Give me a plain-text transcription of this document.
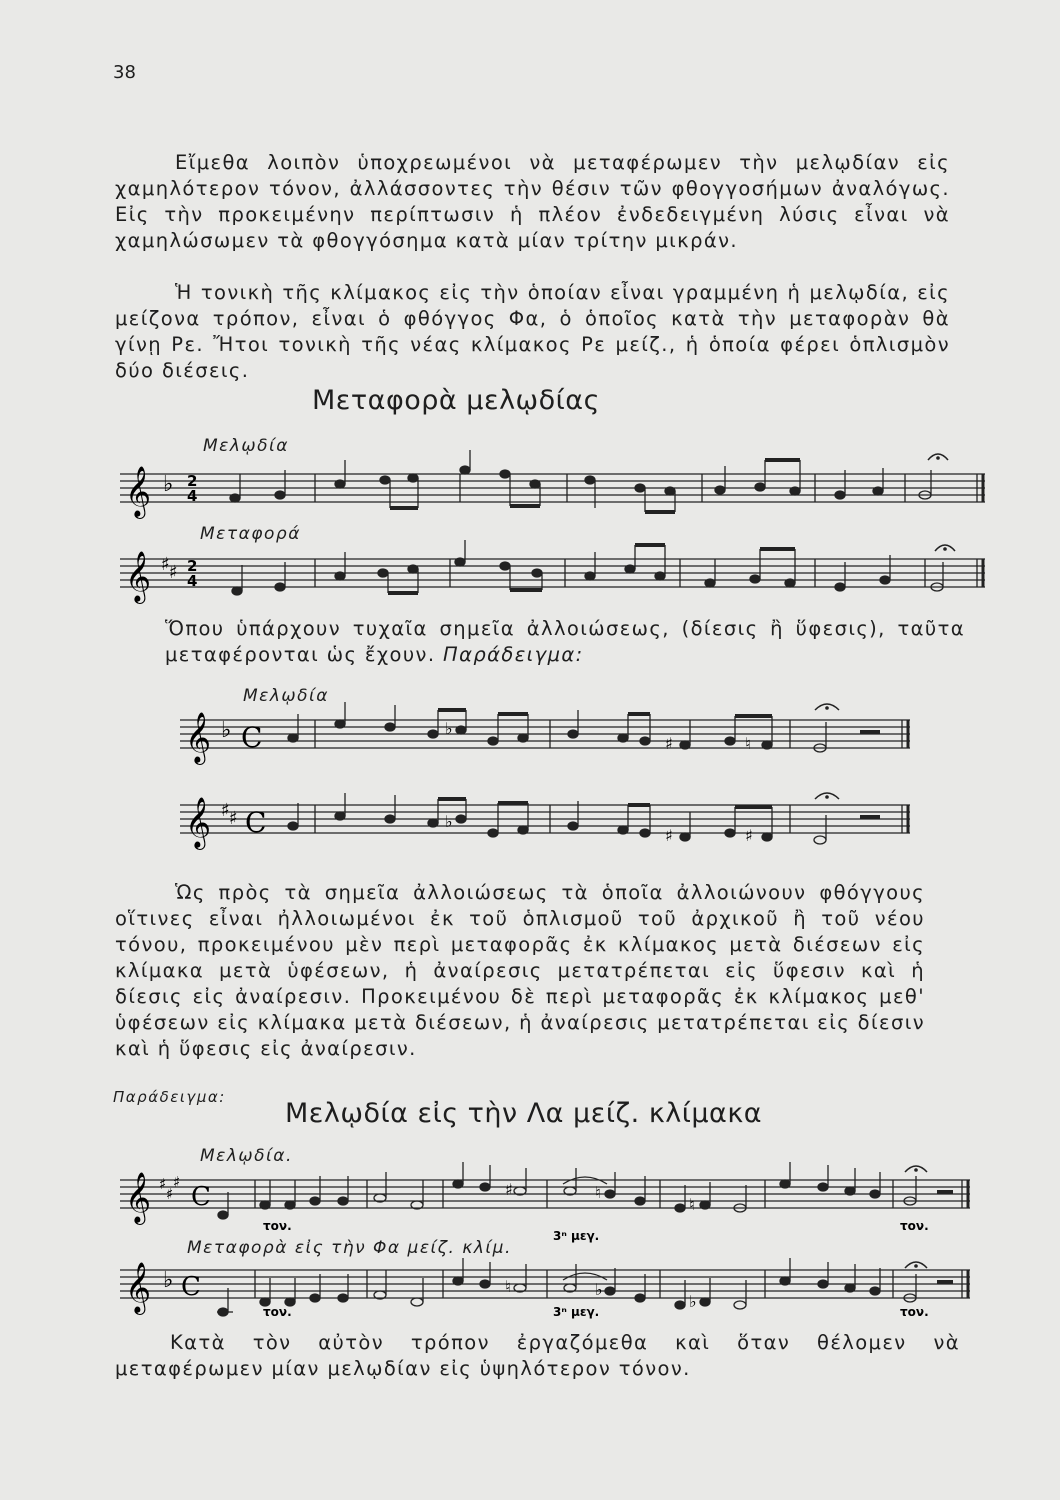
38

Εἴμεθα λοιπὸν ὑποχρεωμένοι νὰ μεταφέρωμεν τὴν μελῳδίαν εἰς χαμηλότερον τόνον, ἀλλάσσοντες τὴν θέσιν τῶν φθογγοσήμων ἀναλόγως. Εἰς τὴν προκειμένην περίπτωσιν ἡ πλέον ἐνδεδειγμένη λύσις εἶναι νὰ χαμηλώσωμεν τὰ φθογγόσημα κατὰ μίαν τρίτην μικράν.

Ἡ τονικὴ τῆς κλίμακος εἰς τὴν ὁποίαν εἶναι γραμμένη ἡ μελῳδία, εἰς μείζονα τρόπον, εἶναι ὁ φθόγγος Φα, ὁ ὁποῖος κατὰ τὴν μεταφορὰν θὰ γίνῃ Ρε. Ἤτοι τονικὴ τῆς νέας κλίμακος Ρε μείζ., ἡ ὁποία φέρει ὁπλισμὸν δύο διέσεις.

Μεταφορὰ μελῳδίας
Μελῳδία
𝄞 ♭ 2
4
Μεταφορά
𝄞 ♯ ♯ 2
4
Ὅπου ὑπάρχουν τυχαῖα σημεῖα ἀλλοιώσεως, (δίεσις ἢ ὕφεσις), ταῦτα μεταφέρονται ὡς ἔχουν. Παράδειγμα:
Μελῳδία
𝄞 ♭ C	♭
♯	♮
𝄞 ♯ ♯ C	♭
♯	♯

Ὡς πρὸς τὰ σημεῖα ἀλλοιώσεως τὰ ὁποῖα ἀλλοιώνουν φθόγγους οἵτινες εἶναι ἠλλοιωμένοι ἐκ τοῦ ὁπλισμοῦ τοῦ ἀρχικοῦ ἢ τοῦ νέου τόνου, προκειμένου μὲν περὶ μεταφορᾶς ἐκ κλίμακος μετὰ διέσεων εἰς κλίμακα μετὰ ὑφέσεων, ἡ ἀναίρεσις μετατρέπεται εἰς ὕφεσιν καὶ ἡ δίεσις εἰς ἀναίρεσιν. Προκειμένου δὲ περὶ μεταφορᾶς ἐκ κλίμακος μεθ' ὑφέσεων εἰς κλίμακα μετὰ διέσεων, ἡ ἀναίρεσις μετατρέπεται εἰς δίεσιν καὶ ἡ ὕφεσις εἰς ἀναίρεσιν.

Παράδειγμα:
Μελῳδία εἰς τὴν Λα μείζ. κλίμακα
Μελῳδία.
𝄞 ♯
♯
♯ C	♯	♮
♮
τον.
3ⁿ μεγ.
τον.
Μεταφορὰ εἰς τὴν Φα μείζ. κλίμ.
𝄞 ♭ C	♮	♭
♭
τον.	3ⁿ μεγ.	τον.

Κατὰ τὸν αὐτὸν τρόπον ἐργαζόμεθα καὶ ὅταν θέλομεν νὰ μεταφέρωμεν μίαν μελῳδίαν εἰς ὑψηλότερον τόνον.
